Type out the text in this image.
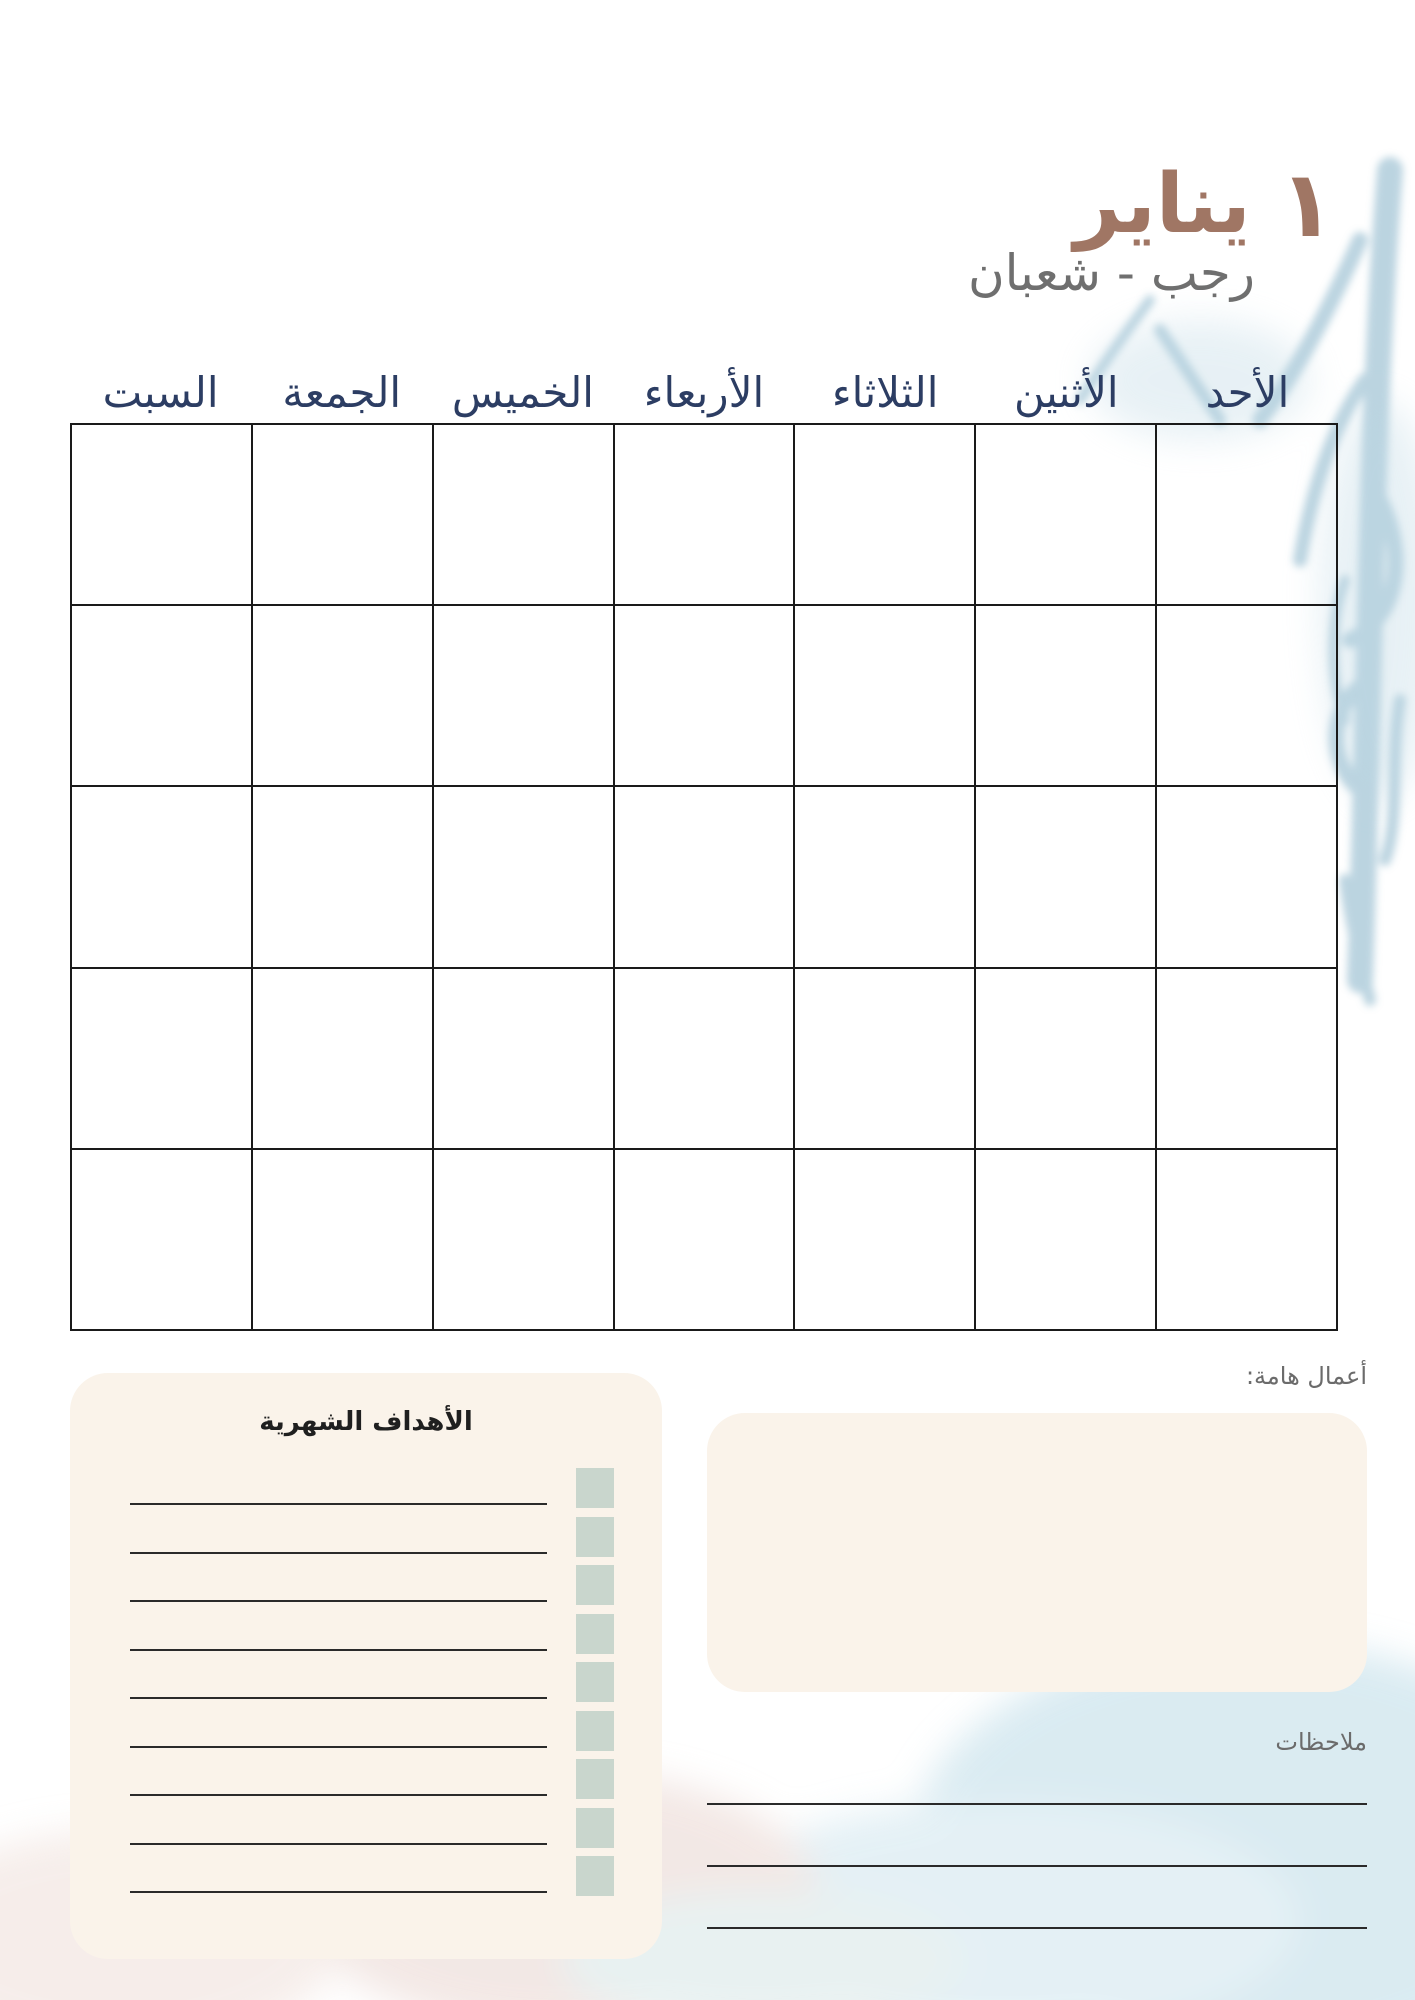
١
يناير
رجب - شعبان
الأحد
الأثنين
الثلاثاء
الأربعاء
الخميس
الجمعة
السبت
الأهداف الشهرية
أعمال هامة:
ملاحظات
